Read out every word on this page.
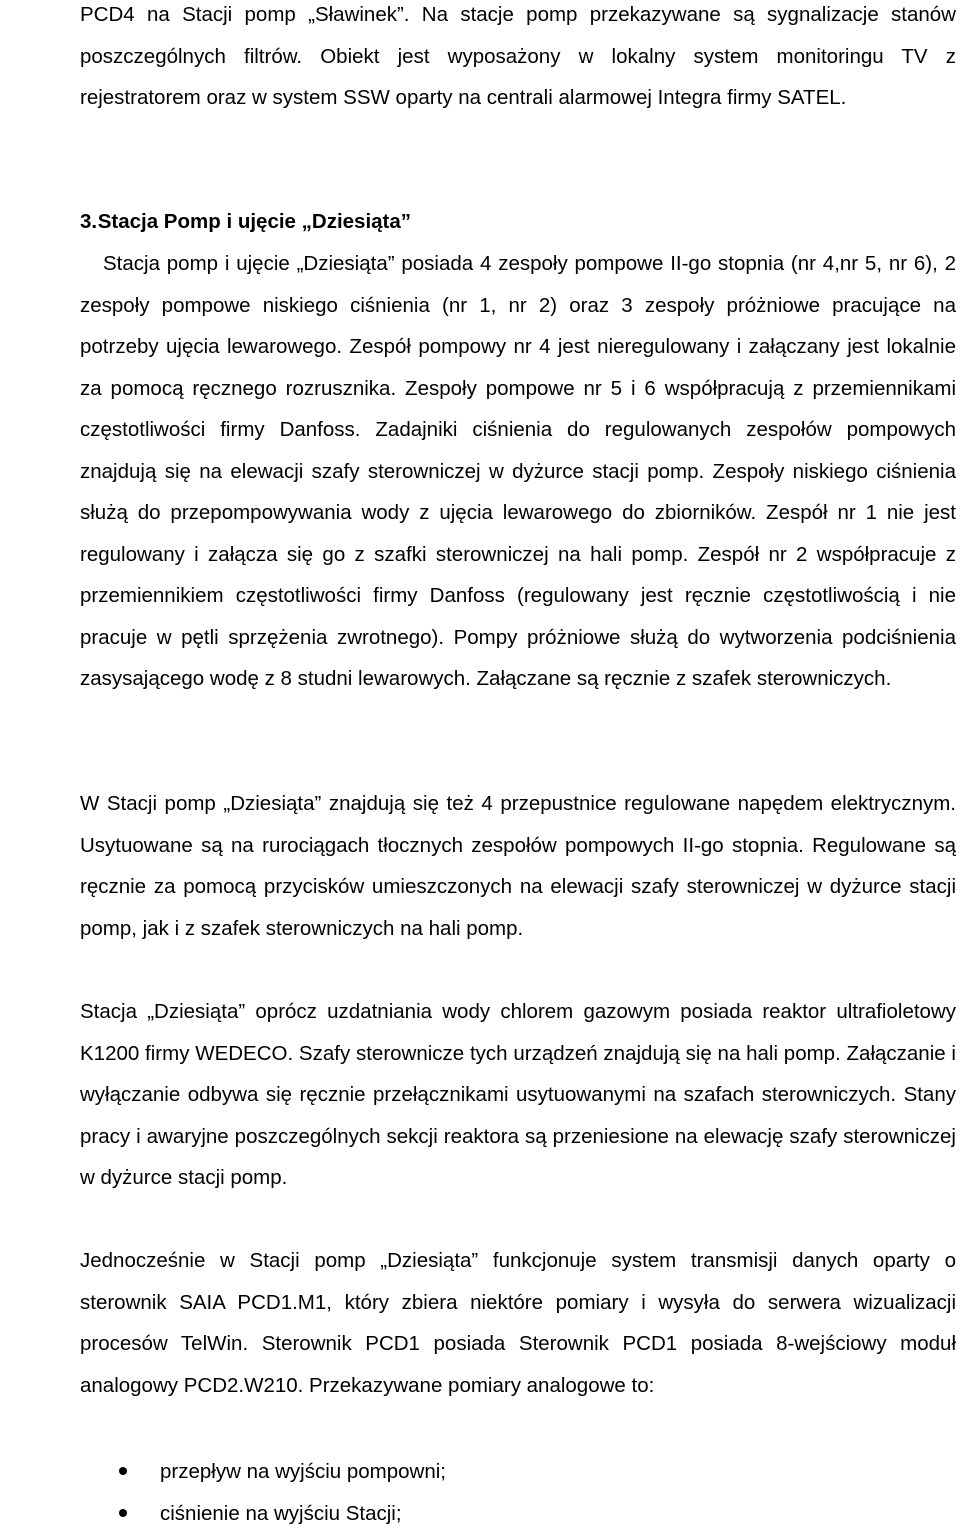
PCD4 na Stacji pomp „Sławinek”. Na stacje pomp przekazywane są sygnalizacje stanów poszczególnych filtrów. Obiekt jest wyposażony w lokalny system monitoringu TV z rejestratorem oraz w system SSW oparty na centrali alarmowej Integra firmy SATEL.

3. Stacja Pomp i ujęcie „Dziesiąta”

Stacja pomp i ujęcie „Dziesiąta” posiada 4 zespoły pompowe II-go stopnia (nr 4,nr 5, nr 6), 2 zespoły pompowe niskiego ciśnienia (nr 1, nr 2) oraz 3 zespoły próżniowe pracujące na potrzeby ujęcia lewarowego. Zespół pompowy nr 4 jest nieregulowany i załączany jest lokalnie za pomocą ręcznego rozrusznika. Zespoły pompowe nr 5 i 6 współpracują z przemiennikami częstotliwości firmy Danfoss. Zadajniki ciśnienia do regulowanych zespołów pompowych znajdują się na elewacji szafy sterowniczej w dyżurce stacji pomp. Zespoły niskiego ciśnienia służą do przepompowywania wody z ujęcia lewarowego do zbiorników. Zespół nr 1 nie jest regulowany i załącza się go z szafki sterowniczej na hali pomp. Zespół nr 2 współpracuje z przemiennikiem częstotliwości firmy Danfoss (regulowany jest ręcznie częstotliwością i nie pracuje w pętli sprzężenia zwrotnego). Pompy próżniowe służą do wytworzenia podciśnienia zasysającego wodę z 8 studni lewarowych. Załączane są ręcznie z szafek sterowniczych.

W Stacji pomp „Dziesiąta” znajdują się też 4 przepustnice regulowane napędem elektrycznym. Usytuowane są na rurociągach tłocznych zespołów pompowych II-go stopnia. Regulowane są ręcznie za pomocą przycisków umieszczonych na elewacji szafy sterowniczej w dyżurce stacji pomp, jak i z szafek sterowniczych na hali pomp.

Stacja „Dziesiąta” oprócz uzdatniania wody chlorem gazowym posiada reaktor ultrafioletowy K1200 firmy WEDECO. Szafy sterownicze tych urządzeń znajdują się na hali pomp. Załączanie i wyłączanie odbywa się ręcznie przełącznikami usytuowanymi na szafach sterowniczych. Stany pracy i awaryjne poszczególnych sekcji reaktora są przeniesione na elewację szafy sterowniczej w dyżurce stacji pomp.

Jednocześnie w Stacji pomp „Dziesiąta” funkcjonuje system transmisji danych oparty o sterownik SAIA PCD1.M1, który zbiera niektóre pomiary i wysyła do serwera wizualizacji procesów TelWin. Sterownik PCD1 posiada Sterownik PCD1 posiada 8-wejściowy moduł analogowy PCD2.W210. Przekazywane pomiary analogowe to:

przepływ na wyjściu pompowni;
ciśnienie na wyjściu Stacji;
